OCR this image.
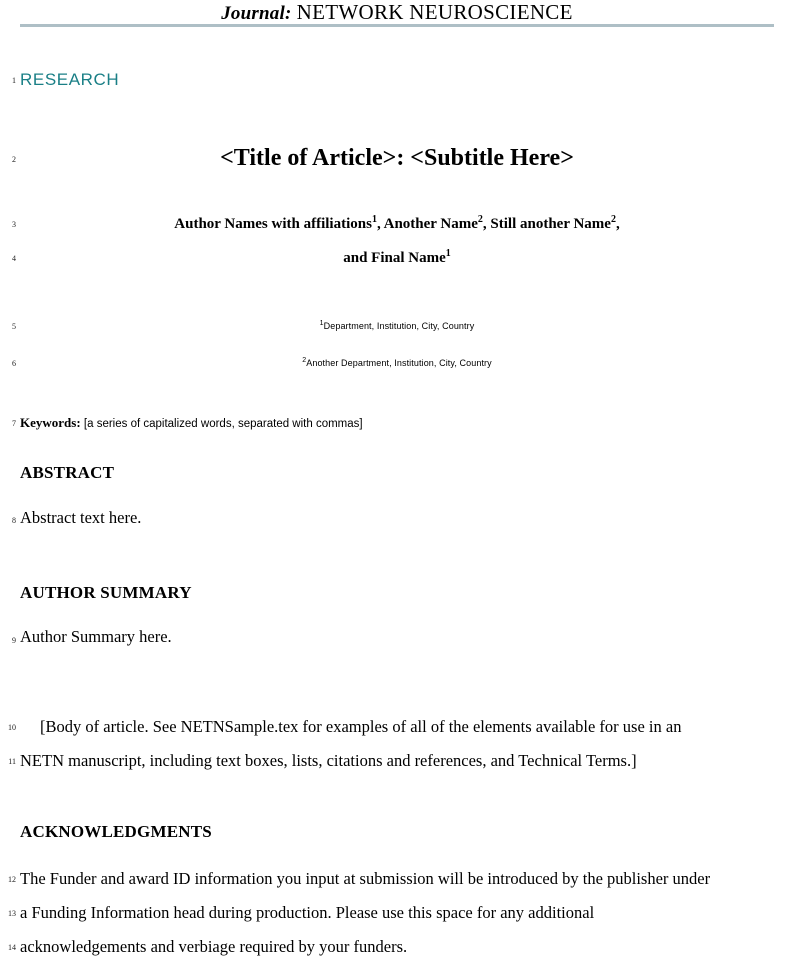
Journal: NETWORK NEUROSCIENCE
1
2
3
4
5
6
7
8
9
10
11
12
13
14
RESEARCH
<Title of Article>: <Subtitle Here>
Author Names with affiliations$^1$, Another Name$^2$, Still another Name$^2$,
and Final Name$^1$
$^1$Department, Institution, City, Country
$^2$Another Department, Institution, City, Country
Keywords: [a series of capitalized words, separated with commas]
ABSTRACT
Abstract text here.
AUTHOR SUMMARY
Author Summary here.
[Body of article. See NETNSample.tex for examples of all of the elements available for use in an
NETN manuscript, including text boxes, lists, citations and references, and Technical Terms.]
ACKNOWLEDGMENTS
The Funder and award ID information you input at submission will be introduced by the publisher under
a Funding Information head during production. Please use this space for any additional
acknowledgements and verbiage required by your funders.
